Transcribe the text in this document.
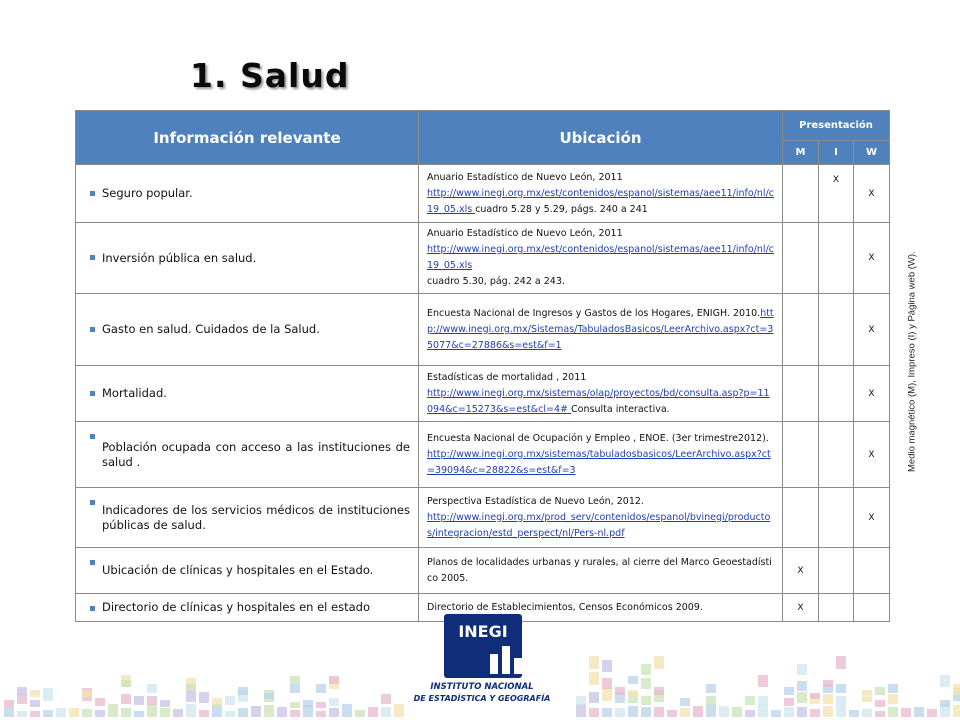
1. Salud
Información relevante	Ubicación	Presentación		
		M	I	W

Seguro popular.	Anuario Estadístico de Nuevo León, 2011
http://www.inegi.org.mx/est/contenidos/espanol/sistemas/aee11/info/nl/c19_05.xls cuadro 5.28 y 5.29, págs. 240 a 241		X	X

Inversión pública en salud.	Anuario Estadístico de Nuevo León, 2011
http://www.inegi.org.mx/est/contenidos/espanol/sistemas/aee11/info/nl/c19_05.xls
cuadro 5.30, pág. 242 a 243.			X

Gasto en salud. Cuidados de la Salud.	Encuesta Nacional de Ingresos y Gastos de los Hogares, ENIGH. 2010.http://www.inegi.org.mx/Sistemas/TabuladosBasicos/LeerArchivo.aspx?ct=35077&c=27886&s=est&f=1			X

Mortalidad.	Estadísticas de mortalidad , 2011
http://www.inegi.org.mx/sistemas/olap/proyectos/bd/consulta.asp?p=11094&c=15273&s=est&cl=4# Consulta interactiva.			X

Población ocupada con acceso a las instituciones de salud .	Encuesta Nacional de Ocupación y Empleo , ENOE. (3er trimestre2012).http://www.inegi.org.mx/sistemas/tabuladosbasicos/LeerArchivo.aspx?ct=39094&c=28822&s=est&f=3			X

Indicadores de los servicios médicos de instituciones públicas de salud.	Perspectiva Estadística de Nuevo León, 2012.
http://www.inegi.org.mx/prod_serv/contenidos/espanol/bvinegi/productos/integracion/estd_perspect/nl/Pers-nl.pdf			X

Ubicación de clínicas y hospitales en el Estado.	Planos de localidades urbanas y rurales, al cierre del Marco Geoestadístico 2005.	X		

Directorio de clínicas y hospitales en el estado	Directorio de Establecimientos, Censos Económicos 2009.	X		
Medio magnético (M), Impreso (I) y Página web (W).
INEGI
INSTITUTO NACIONAL
DE ESTADÍSTICA Y GEOGRAFÍA
